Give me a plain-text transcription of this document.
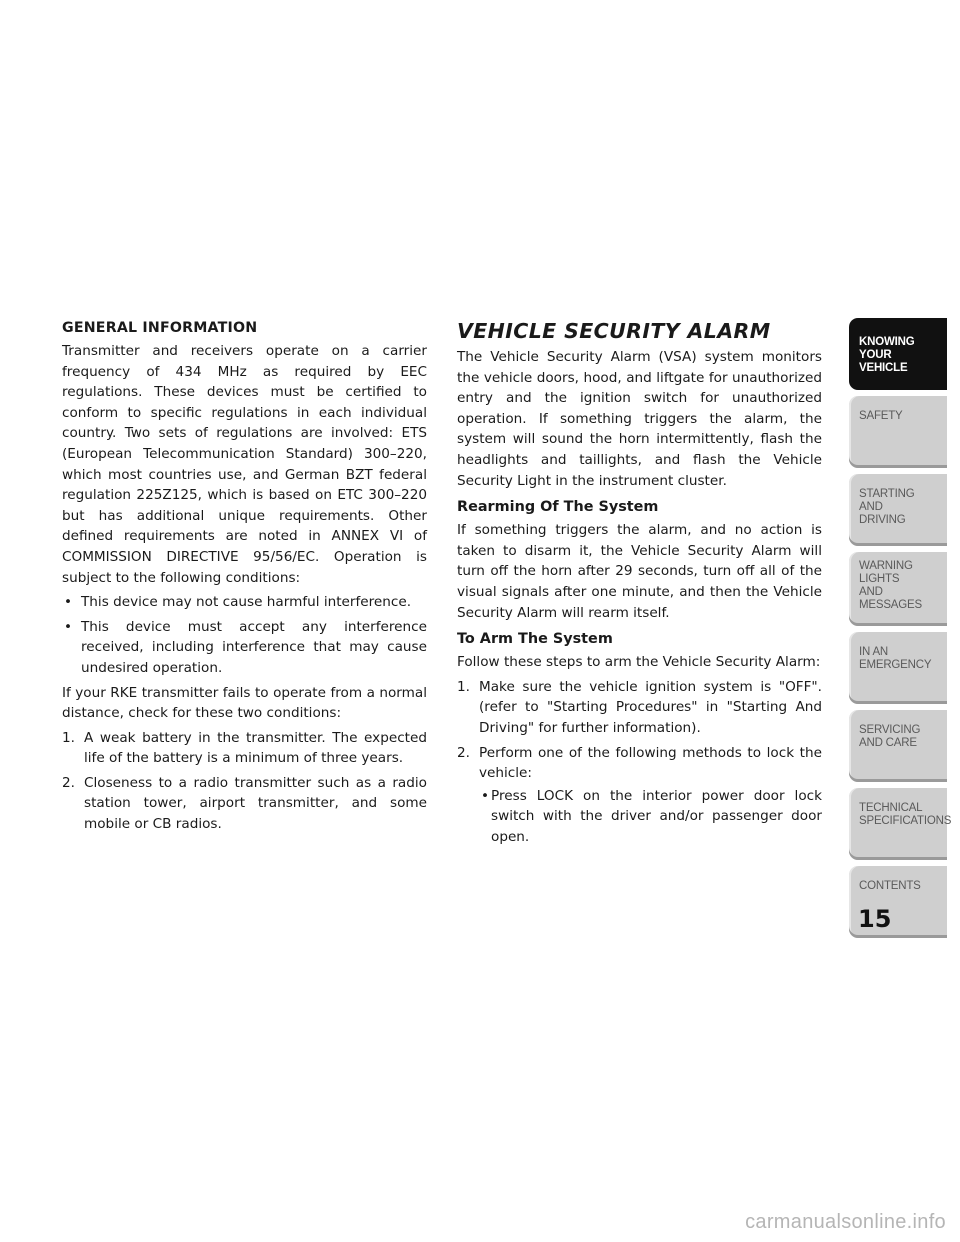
GENERAL INFORMATION

Transmitter and receivers operate on a carrier frequency of 434 MHz as required by EEC regulations. These devices must be certified to conform to specific regulations in each individual country. Two sets of regulations are involved: ETS (European Telecommunication Standard) 300–220, which most countries use, and German BZT federal regulation 225Z125, which is based on ETC 300–220 but has additional unique requirements. Other defined requirements are noted in ANNEX VI of COMMISSION DIRECTIVE 95/56/EC. Operation is subject to the following conditions:

• This device may not cause harmful interference.
• This device must accept any interference received, including interference that may cause undesired operation.

If your RKE transmitter fails to operate from a normal distance, check for these two conditions:

1. A weak battery in the transmitter. The expected life of the battery is a minimum of three years.
2. Closeness to a radio transmitter such as a radio station tower, airport transmitter, and some mobile or CB radios.
VEHICLE SECURITY ALARM

The Vehicle Security Alarm (VSA) system monitors the vehicle doors, hood, and liftgate for unauthorized entry and the ignition switch for unauthorized operation. If something triggers the alarm, the system will sound the horn intermittently, flash the headlights and taillights, and flash the Vehicle Security Light in the instrument cluster.

Rearming Of The System

If something triggers the alarm, and no action is taken to disarm it, the Vehicle Security Alarm will turn off the horn after 29 seconds, turn off all of the visual signals after one minute, and then the Vehicle Security Alarm will rearm itself.

To Arm The System

Follow these steps to arm the Vehicle Security Alarm:

1. Make sure the vehicle ignition system is "OFF". (refer to "Starting Procedures" in "Starting And Driving" for further information).
2. Perform one of the following methods to lock the vehicle:
• Press LOCK on the interior power door lock switch with the driver and/or passenger door open.
KNOWING
YOUR
VEHICLE
SAFETY
STARTING
AND
DRIVING
WARNING
LIGHTS
AND
MESSAGES
IN AN
EMERGENCY
SERVICING
AND CARE
TECHNICAL
SPECIFICATIONS
CONTENTS
15
carmanualsonline.info
